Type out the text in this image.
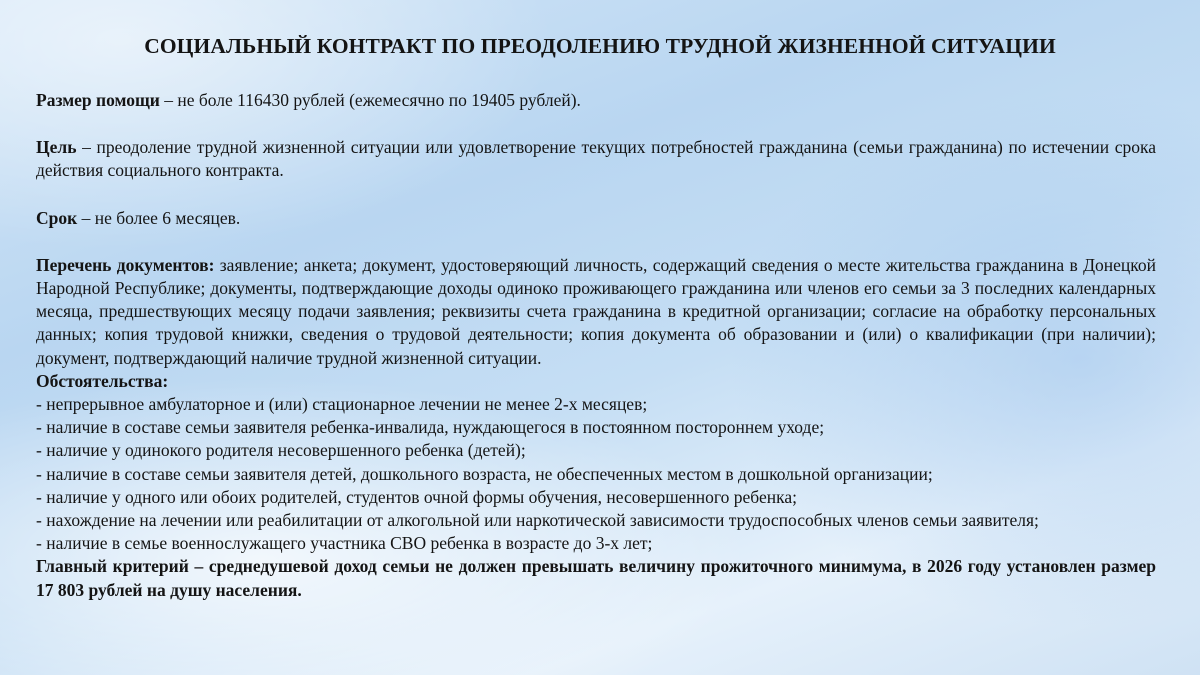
СОЦИАЛЬНЫЙ КОНТРАКТ ПО ПРЕОДОЛЕНИЮ ТРУДНОЙ ЖИЗНЕННОЙ СИТУАЦИИ

Размер помощи – не боле 116430 рублей (ежемесячно по 19405 рублей).

Цель – преодоление трудной жизненной ситуации или удовлетворение текущих потребностей гражданина (семьи гражданина) по истечении срока действия социального контракта.

Срок – не более 6 месяцев.

Перечень документов: заявление; анкета; документ, удостоверяющий личность, содержащий сведения о месте жительства гражданина в Донецкой Народной Республике; документы, подтверждающие доходы одиноко проживающего гражданина или членов его семьи за 3 последних календарных месяца, предшествующих месяцу подачи заявления; реквизиты счета гражданина в кредитной организации; согласие на обработку персональных данных; копия трудовой книжки, сведения о трудовой деятельности; копия документа об образовании и (или) о квалификации (при наличии); документ, подтверждающий наличие трудной жизненной ситуации.

Обстоятельства:

- непрерывное амбулаторное и (или) стационарное лечении не менее 2-х месяцев;

- наличие в составе семьи заявителя ребенка-инвалида, нуждающегося в постоянном постороннем уходе;

- наличие у одинокого родителя несовершенного ребенка (детей);

- наличие в составе семьи заявителя детей, дошкольного возраста, не обеспеченных местом в дошкольной организации;

- наличие у одного или обоих родителей, студентов очной формы обучения, несовершенного ребенка;

- нахождение на лечении или реабилитации от алкогольной или наркотической зависимости трудоспособных членов семьи заявителя;

- наличие в семье военнослужащего участника СВО ребенка в возрасте до 3-х лет;

Главный критерий – среднедушевой доход семьи не должен превышать величину прожиточного минимума, в 2026 году установлен размер 17 803 рублей на душу населения.
